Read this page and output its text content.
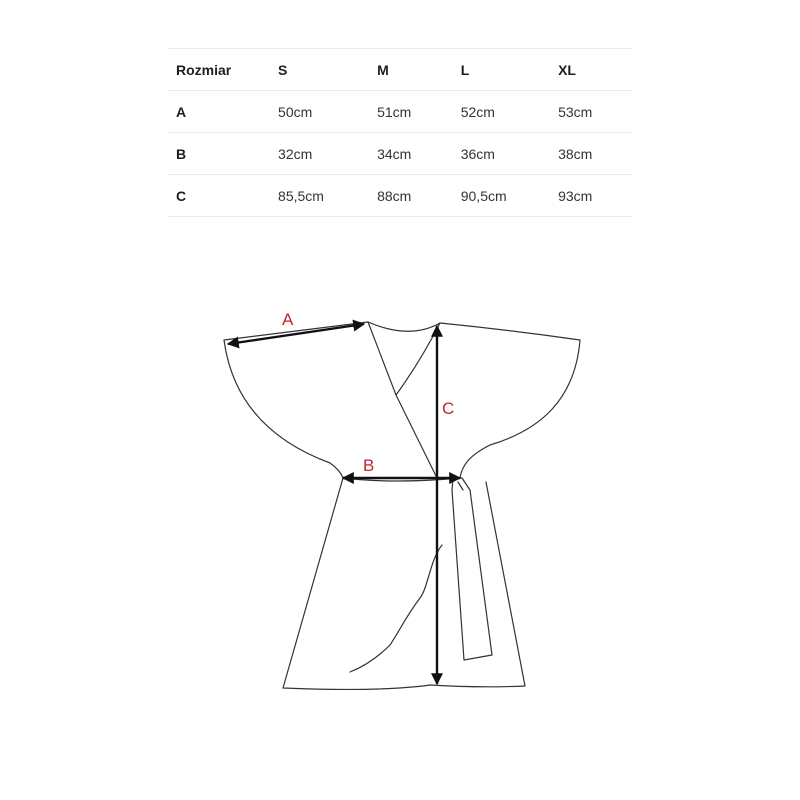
Rozmiar	S	M	L	XL
A	50cm	51cm	52cm	53cm
B	32cm	34cm	36cm	38cm
C	85,5cm	88cm	90,5cm	93cm
A
B
C
